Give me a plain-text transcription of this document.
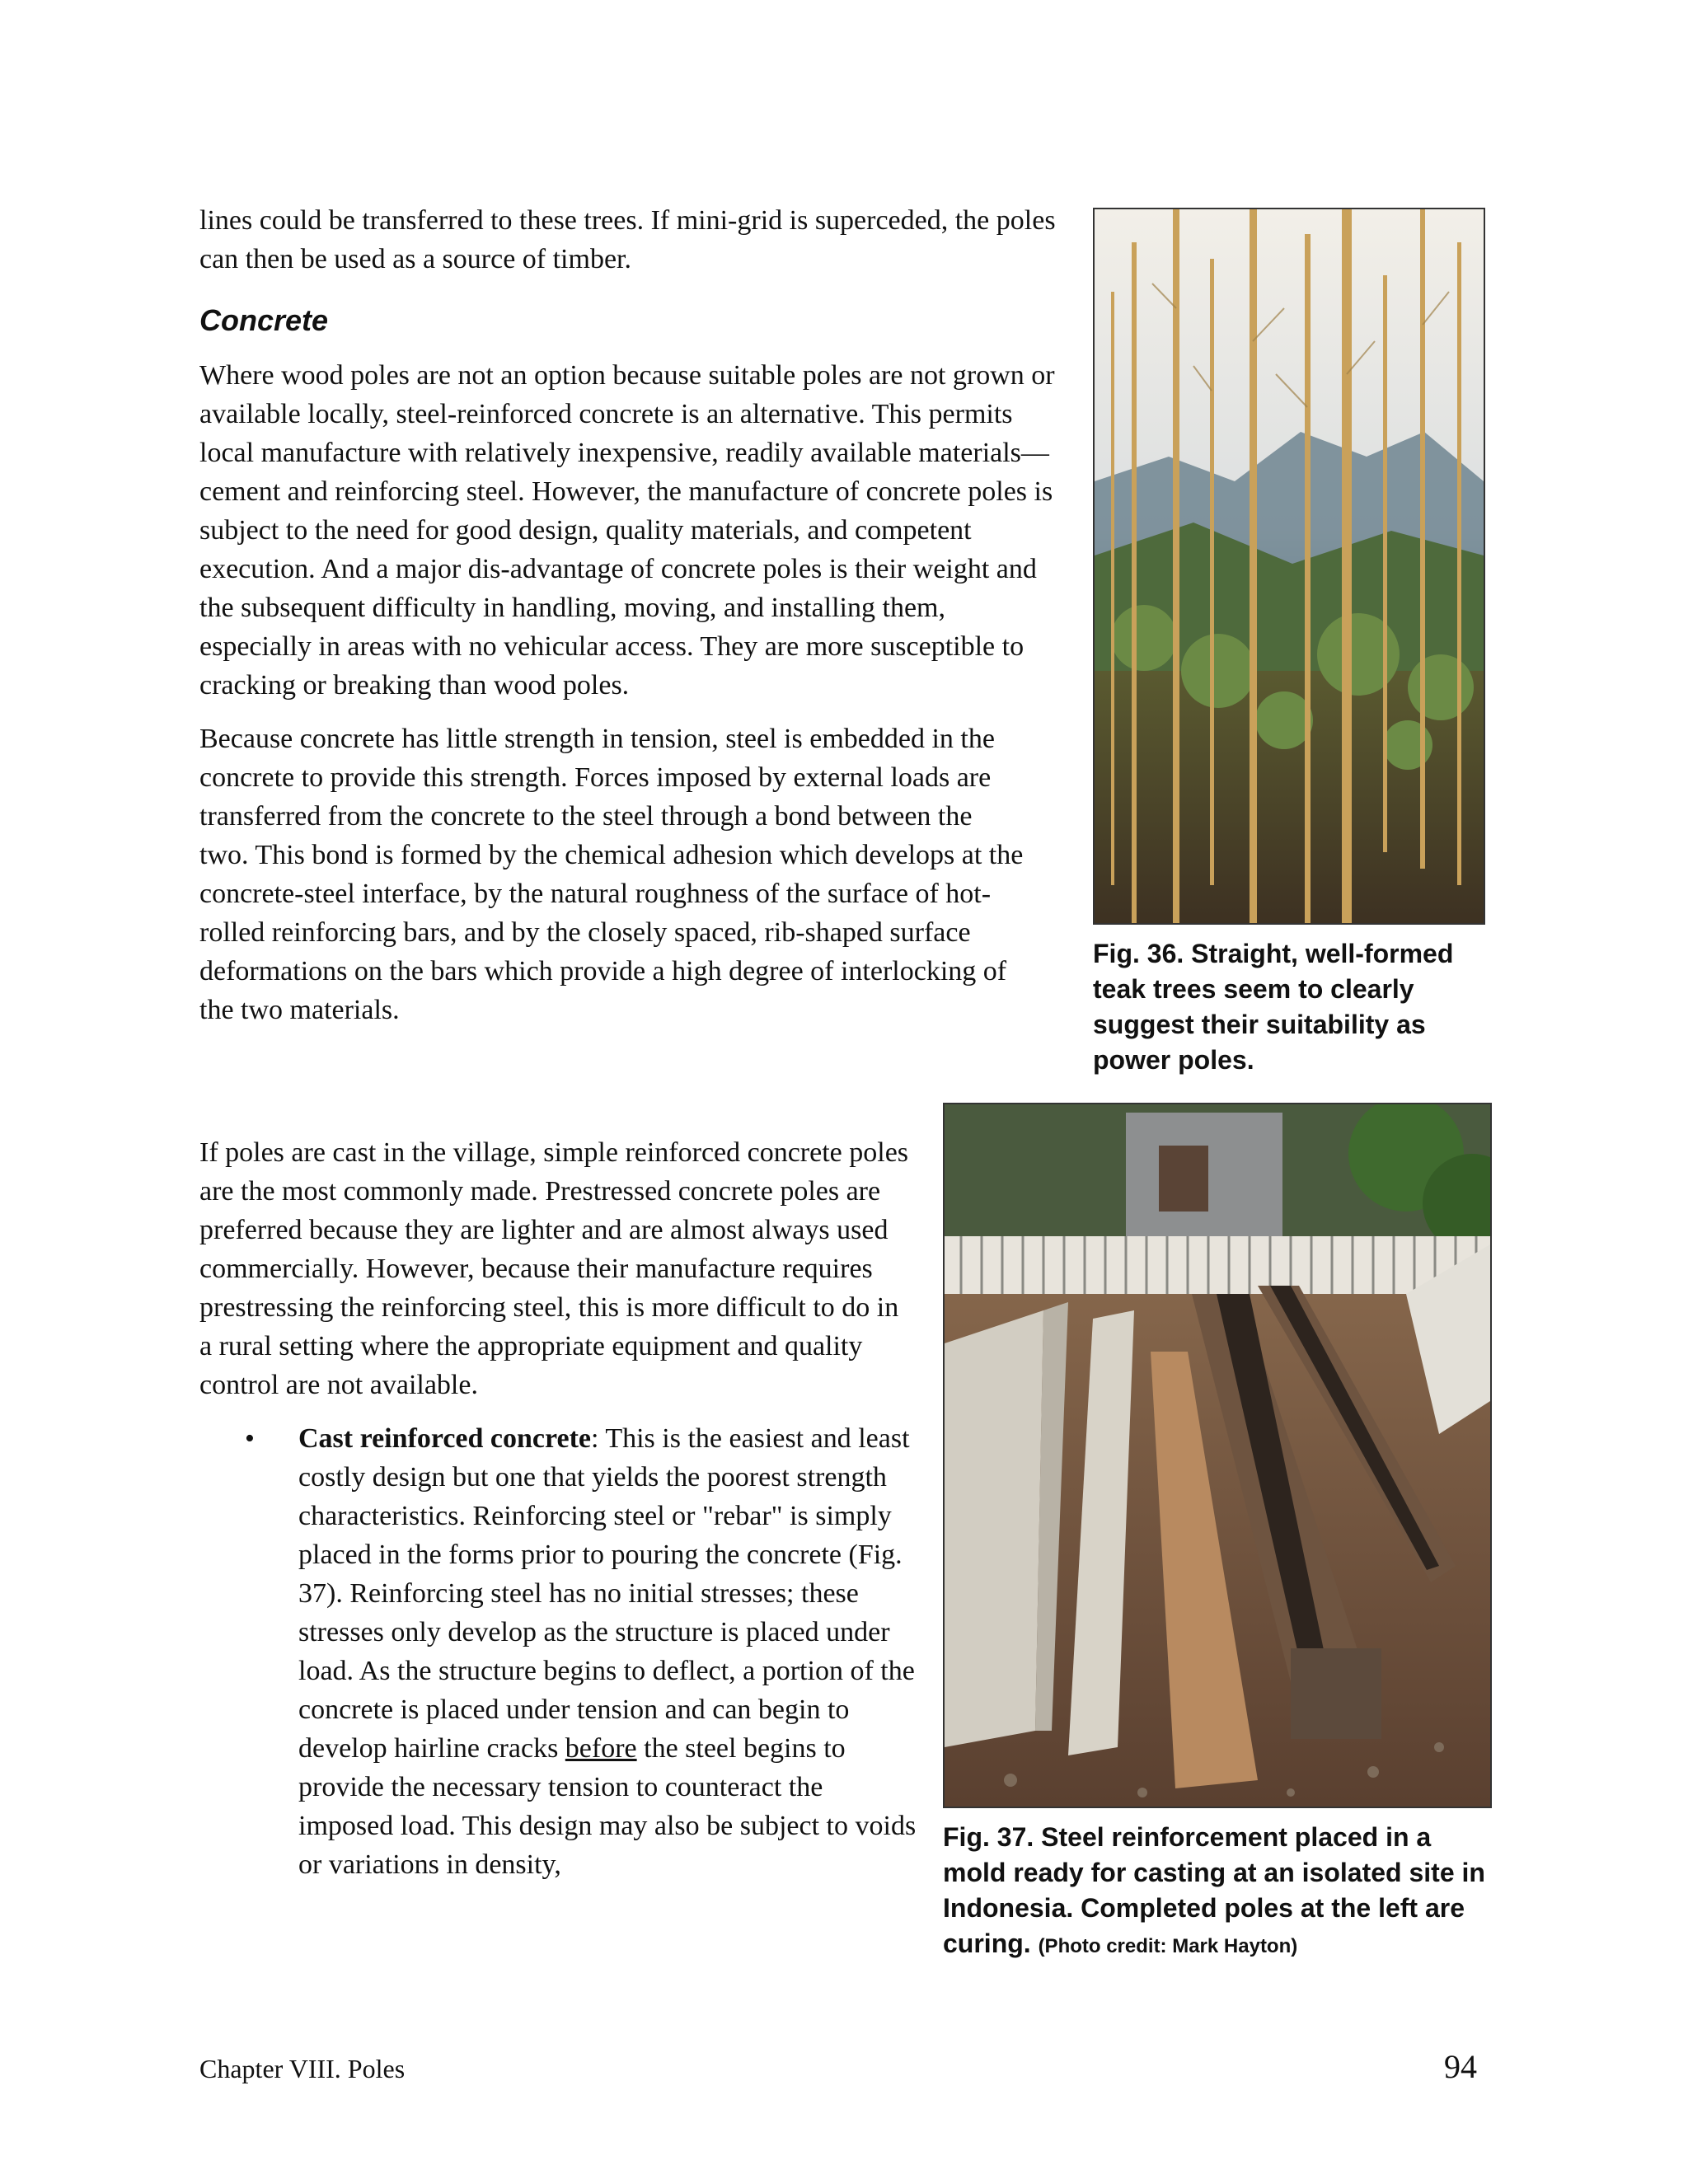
lines could be transferred to these trees. If mini-grid is superceded, the poles can then be used as a source of timber.

Concrete

Where wood poles are not an option because suitable poles are not grown or available locally, steel-reinforced concrete is an alternative. This permits local manufacture with relatively inexpensive, readily available materials—cement and reinforcing steel. However, the manufacture of concrete poles is subject to the need for good design, quality materials, and competent execution. And a major dis-advantage of concrete poles is their weight and the subsequent difficulty in handling, moving, and installing them, especially in areas with no vehicular access. They are more susceptible to cracking or breaking than wood poles.

Because concrete has little strength in tension, steel is embedded in the concrete to provide this strength. Forces imposed by external loads are transferred from the concrete to the steel through a bond between the two. This bond is formed by the chemical adhesion which develops at the concrete-steel interface, by the natural roughness of the surface of hot-rolled reinforcing bars, and by the closely spaced, rib-shaped surface deformations on the bars which provide a high degree of interlocking of the two materials.

If poles are cast in the village, simple reinforced concrete poles are the most commonly made. Prestressed concrete poles are preferred because they are lighter and are almost always used commercially. However, because their manufacture requires prestressing the reinforcing steel, this is more difficult to do in a rural setting where the appropriate equipment and quality control are not available.

• Cast reinforced concrete: This is the easiest and least costly design but one that yields the poorest strength characteristics. Reinforcing steel or "rebar" is simply placed in the forms prior to pouring the concrete (Fig. 37). Reinforcing steel has no initial stresses; these stresses only develop as the structure is placed under load. As the structure begins to deflect, a portion of the concrete is placed under tension and can begin to develop hairline cracks before the steel begins to provide the necessary tension to counteract the imposed load. This design may also be subject to voids or variations in density,
Fig. 36. Straight, well-formed teak trees seem to clearly suggest their suitability as power poles.
Fig. 37. Steel reinforcement placed in a mold ready for casting at an isolated site in Indonesia. Completed poles at the left are curing. (Photo credit: Mark Hayton)
Chapter VIII. Poles	94
